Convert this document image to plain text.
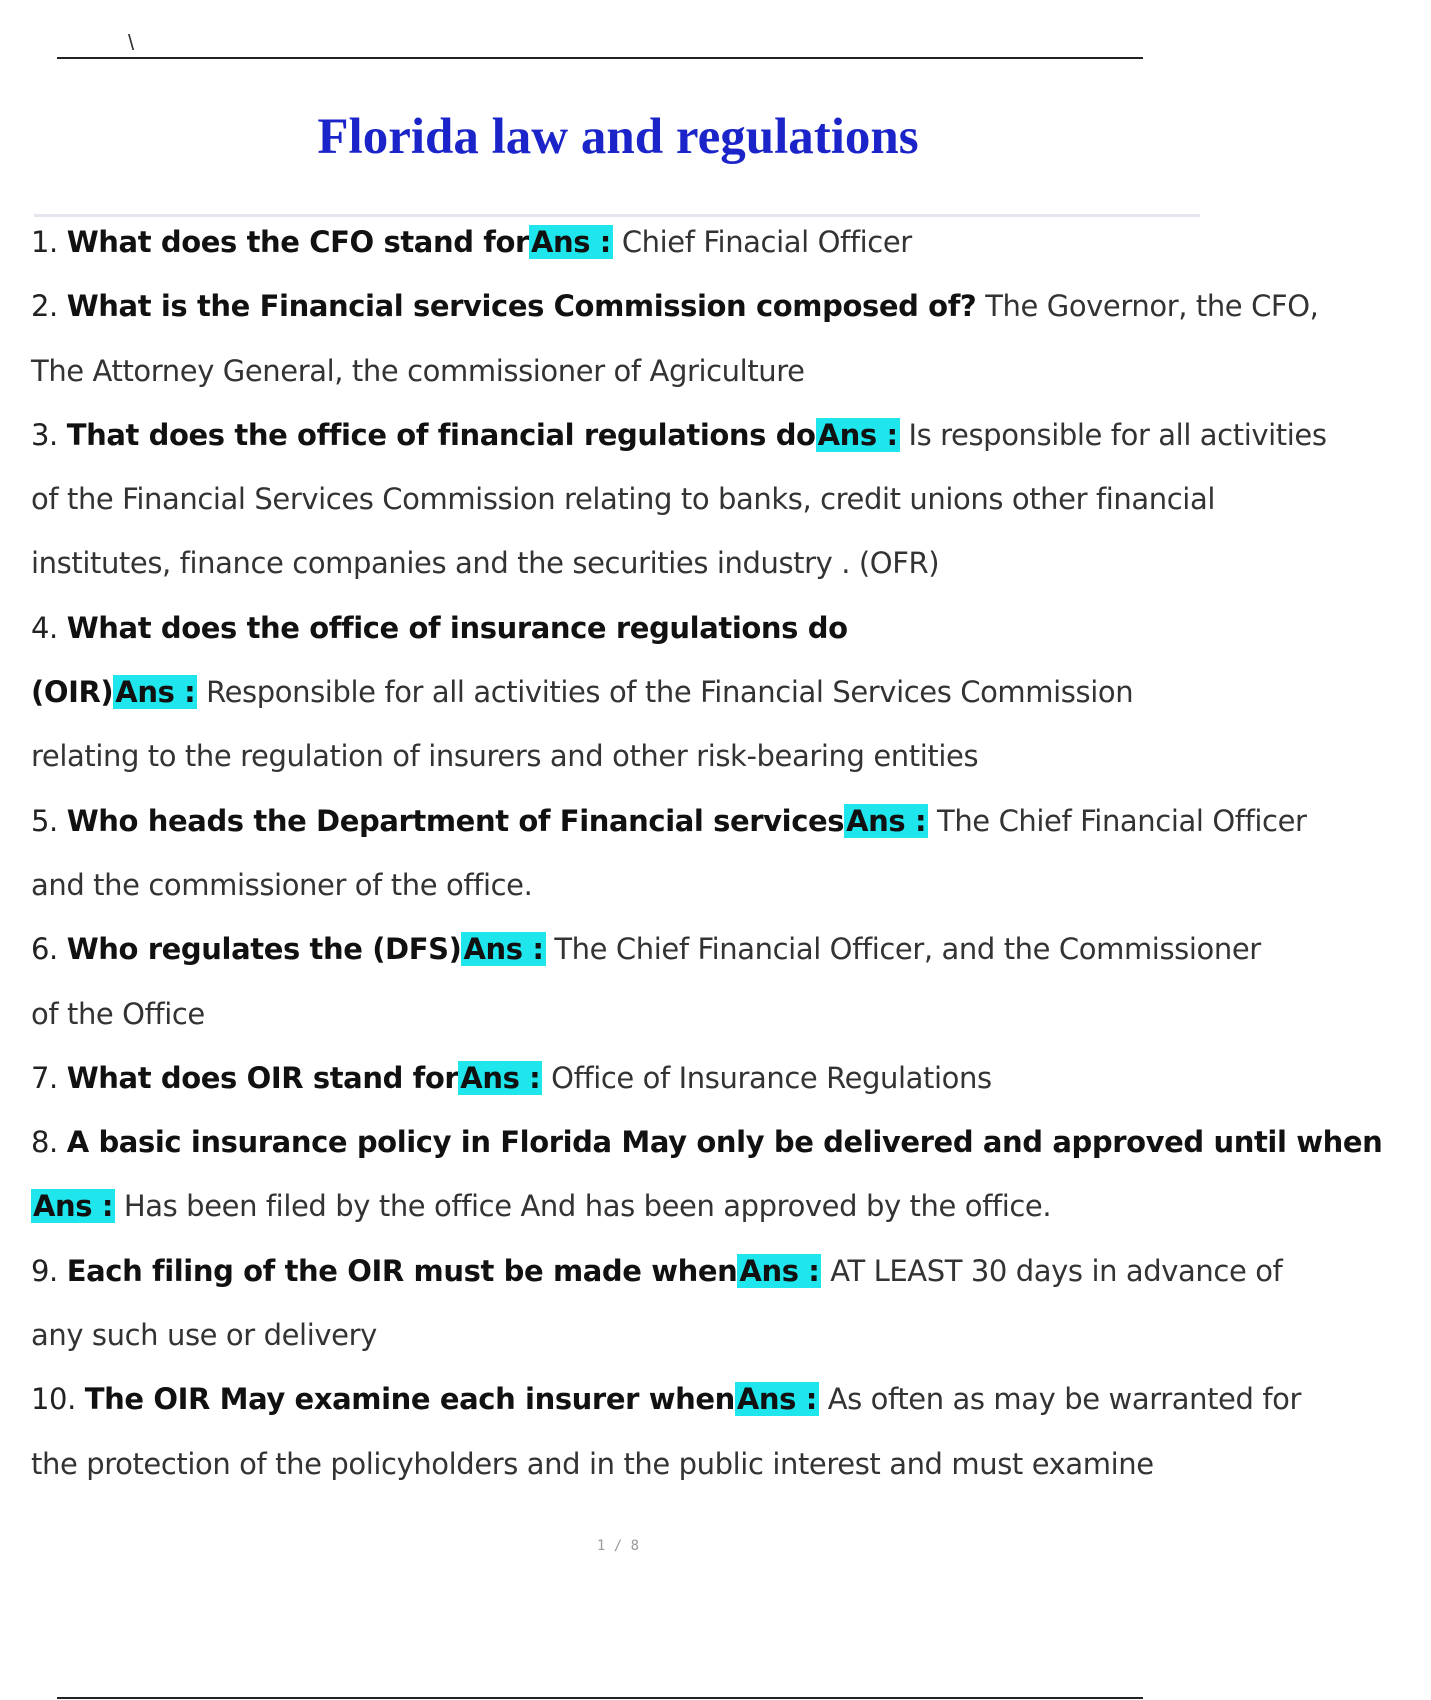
\
Florida law and regulations
1. What does the CFO stand forAns : Chief Finacial Officer
2. What is the Financial services Commission composed of? The Governor, the CFO,
The Attorney General, the commissioner of Agriculture
3. That does the office of financial regulations doAns : Is responsible for all activities
of the Financial Services Commission relating to banks, credit unions other financial
institutes, finance companies and the securities industry . (OFR)
4. What does the office of insurance regulations do
(OIR)Ans : Responsible for all activities of the Financial Services Commission
relating to the regulation of insurers and other risk-bearing entities
5. Who heads the Department of Financial servicesAns : The Chief Financial Officer
and the commissioner of the office.
6. Who regulates the (DFS)Ans : The Chief Financial Officer, and the Commissioner
of the Office
7. What does OIR stand forAns : Office of Insurance Regulations
8. A basic insurance policy in Florida May only be delivered and approved until when
Ans : Has been filed by the office And has been approved by the office.
9. Each filing of the OIR must be made whenAns : AT LEAST 30 days in advance of
any such use or delivery
10. The OIR May examine each insurer whenAns : As often as may be warranted for
the protection of the policyholders and in the public interest and must examine
1 / 8
